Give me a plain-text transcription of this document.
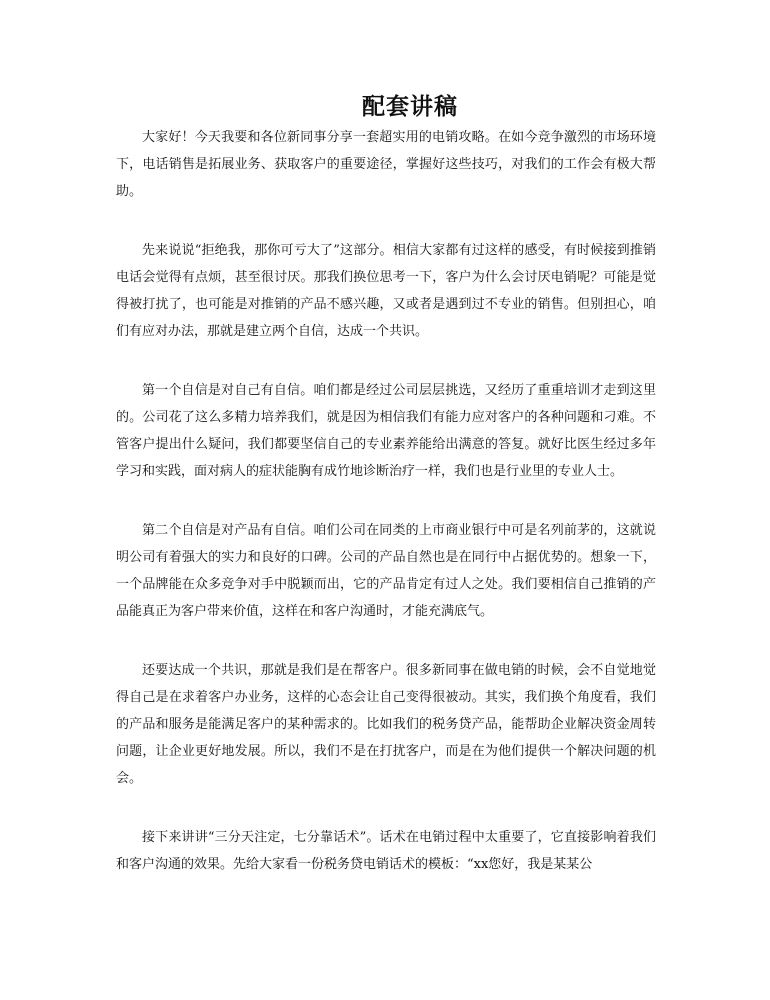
配套讲稿

大家好！今天我要和各位新同事分享一套超实用的电销攻略。在如今竞争激烈的市场环境下，电话销售是拓展业务、获取客户的重要途径，掌握好这些技巧，对我们的工作会有极大帮助。

先来说说“拒绝我，那你可亏大了”这部分。相信大家都有过这样的感受，有时候接到推销电话会觉得有点烦，甚至很讨厌。那我们换位思考一下，客户为什么会讨厌电销呢？可能是觉得被打扰了，也可能是对推销的产品不感兴趣，又或者是遇到过不专业的销售。但别担心，咱们有应对办法，那就是建立两个自信，达成一个共识。

第一个自信是对自己有自信。咱们都是经过公司层层挑选，又经历了重重培训才走到这里的。公司花了这么多精力培养我们，就是因为相信我们有能力应对客户的各种问题和刁难。不管客户提出什么疑问，我们都要坚信自己的专业素养能给出满意的答复。就好比医生经过多年学习和实践，面对病人的症状能胸有成竹地诊断治疗一样，我们也是行业里的专业人士。

第二个自信是对产品有自信。咱们公司在同类的上市商业银行中可是名列前茅的，这就说明公司有着强大的实力和良好的口碑。公司的产品自然也是在同行中占据优势的。想象一下，一个品牌能在众多竞争对手中脱颖而出，它的产品肯定有过人之处。我们要相信自己推销的产品能真正为客户带来价值，这样在和客户沟通时，才能充满底气。

还要达成一个共识，那就是我们是在帮客户。很多新同事在做电销的时候，会不自觉地觉得自己是在求着客户办业务，这样的心态会让自己变得很被动。其实，我们换个角度看，我们的产品和服务是能满足客户的某种需求的。比如我们的税务贷产品，能帮助企业解决资金周转问题，让企业更好地发展。所以，我们不是在打扰客户，而是在为他们提供一个解决问题的机会。

接下来讲讲“三分天注定，七分靠话术”。话术在电销过程中太重要了，它直接影响着我们和客户沟通的效果。先给大家看一份税务贷电销话术的模板：“xx您好，我是某某公
